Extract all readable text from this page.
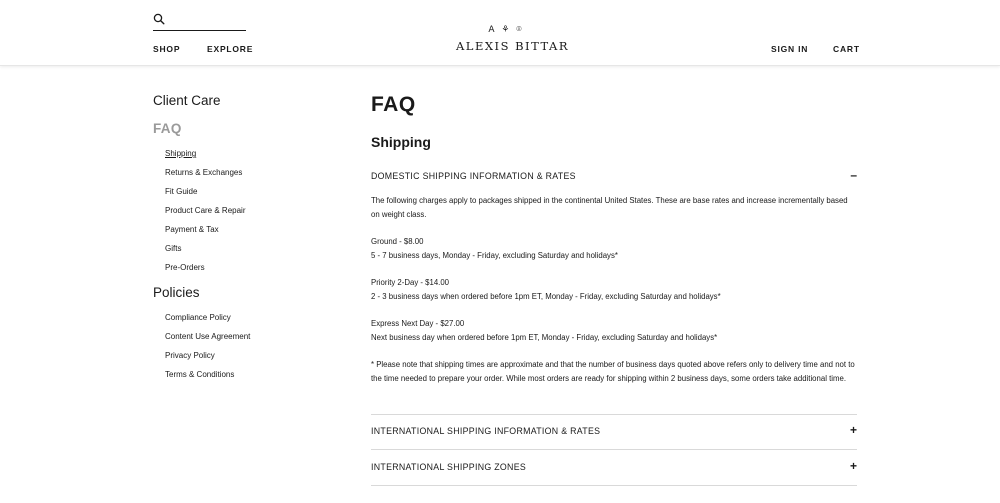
SHOP	EXPLORE
A ⚘ ⌾
ALEXIS BITTAR	SIGN IN	CART
Client Care
FAQ
Shipping
Returns & Exchanges
Fit Guide
Product Care & Repair
Payment & Tax
Gifts
Pre-Orders
Policies
Compliance Policy
Content Use Agreement
Privacy Policy
Terms & Conditions
FAQ
Shipping
DOMESTIC SHIPPING INFORMATION & RATES	–
The following charges apply to packages shipped in the continental United States. These are base rates and increase incrementally based on weight class.
Ground - $8.00
5 - 7 business days, Monday - Friday, excluding Saturday and holidays*
Priority 2-Day - $14.00
2 - 3 business days when ordered before 1pm ET, Monday - Friday, excluding Saturday and holidays*
Express Next Day - $27.00
Next business day when ordered before 1pm ET, Monday - Friday, excluding Saturday and holidays*
* Please note that shipping times are approximate and that the number of business days quoted above refers only to delivery time and not to the time needed to prepare your order. While most orders are ready for shipping within 2 business days, some orders take additional time.
INTERNATIONAL SHIPPING INFORMATION & RATES	+
INTERNATIONAL SHIPPING ZONES	+
